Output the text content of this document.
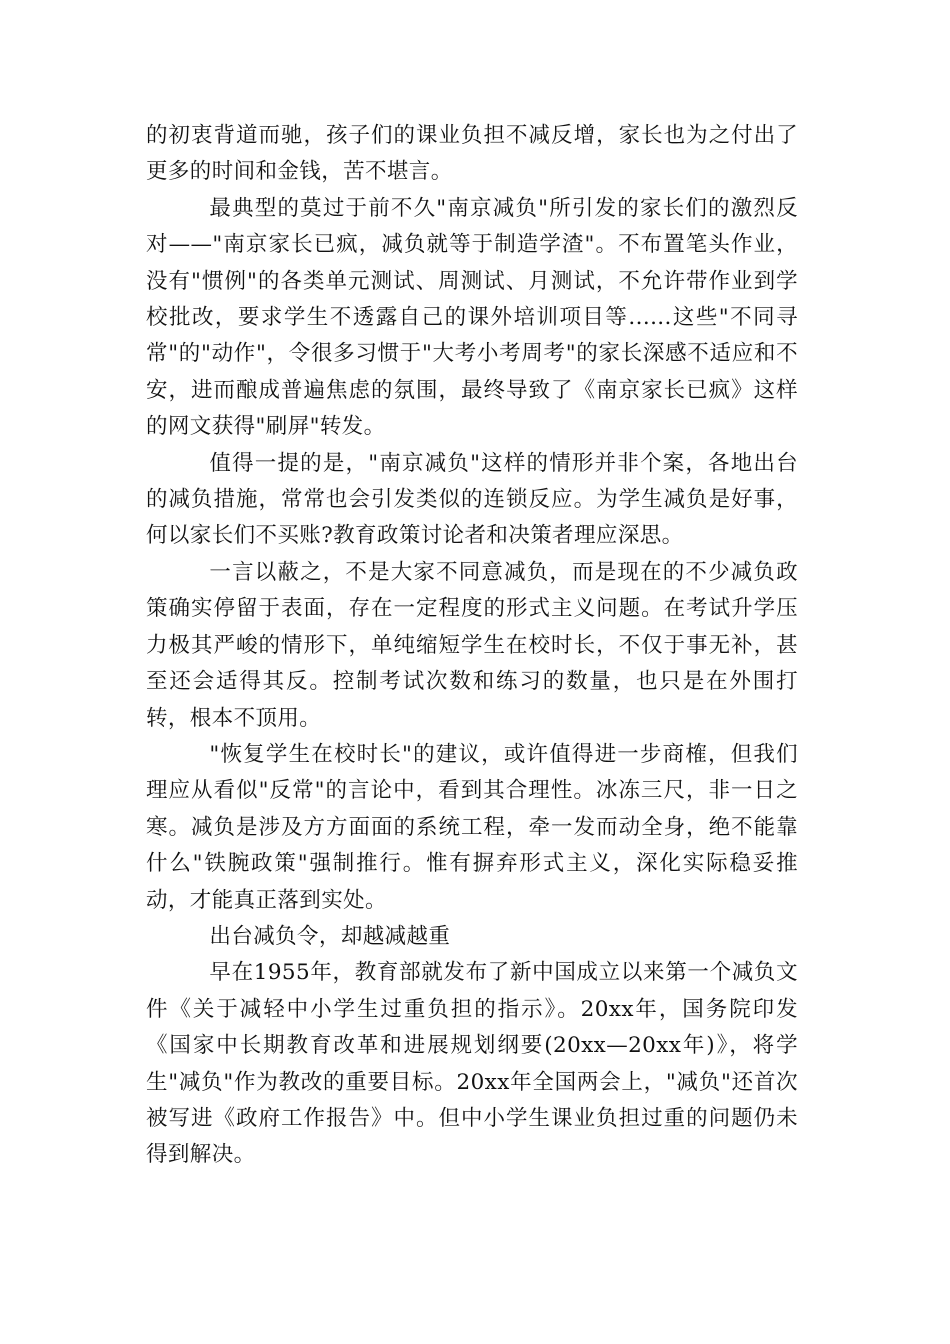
的初衷背道而驰，孩子们的课业负担不减反增，家长也为之付出了更多的时间和金钱，苦不堪言。

最典型的莫过于前不久"南京减负"所引发的家长们的激烈反对——"南京家长已疯，减负就等于制造学渣"。不布置笔头作业，没有"惯例"的各类单元测试、周测试、月测试，不允许带作业到学校批改，要求学生不透露自己的课外培训项目等......这些"不同寻常"的"动作"，令很多习惯于"大考小考周考"的家长深感不适应和不安，进而酿成普遍焦虑的氛围，最终导致了《南京家长已疯》这样的网文获得"刷屏"转发。

值得一提的是，"南京减负"这样的情形并非个案，各地出台的减负措施，常常也会引发类似的连锁反应。为学生减负是好事，何以家长们不买账?教育政策讨论者和决策者理应深思。

一言以蔽之，不是大家不同意减负，而是现在的不少减负政策确实停留于表面，存在一定程度的形式主义问题。在考试升学压力极其严峻的情形下，单纯缩短学生在校时长，不仅于事无补，甚至还会适得其反。控制考试次数和练习的数量，也只是在外围打转，根本不顶用。

"恢复学生在校时长"的建议，或许值得进一步商榷，但我们理应从看似"反常"的言论中，看到其合理性。冰冻三尺，非一日之寒。减负是涉及方方面面的系统工程，牵一发而动全身，绝不能靠什么"铁腕政策"强制推行。惟有摒弃形式主义，深化实际稳妥推动，才能真正落到实处。

出台减负令，却越减越重

早在1955年，教育部就发布了新中国成立以来第一个减负文件《关于减轻中小学生过重负担的指示》。20xx年，国务院印发《国家中长期教育改革和进展规划纲要(20xx—20xx年)》，将学生"减负"作为教改的重要目标。20xx年全国两会上，"减负"还首次被写进《政府工作报告》中。但中小学生课业负担过重的问题仍未得到解决。
